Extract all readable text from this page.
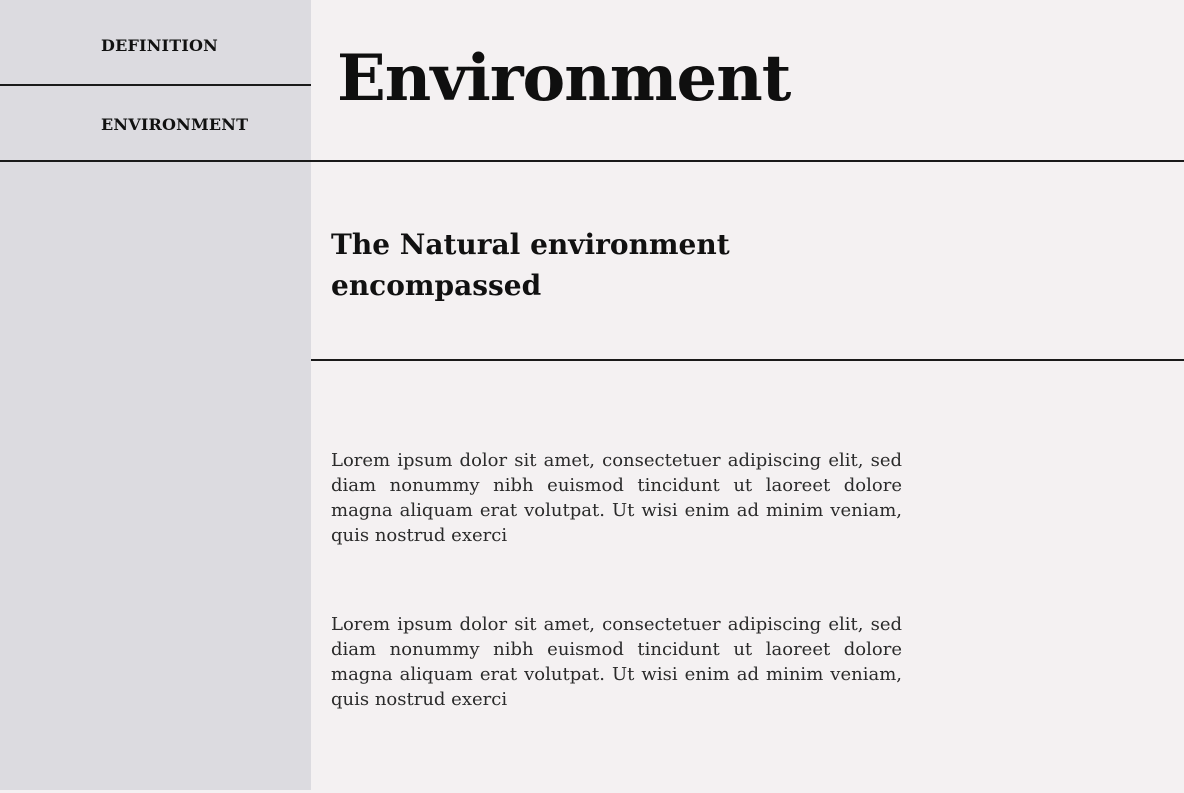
DEFINITION
ENVIRONMENT
Environment
The Natural environment encompassed

Lorem ipsum dolor sit amet, consectetuer adipiscing elit, sed diam nonummy nibh euismod tincidunt ut laoreet dolore magna aliquam erat volutpat. Ut wisi enim ad minim veniam, quis nostrud exerci

Lorem ipsum dolor sit amet, consectetuer adipiscing elit, sed diam nonummy nibh euismod tincidunt ut laoreet dolore magna aliquam erat volutpat. Ut wisi enim ad minim veniam, quis nostrud exerci
